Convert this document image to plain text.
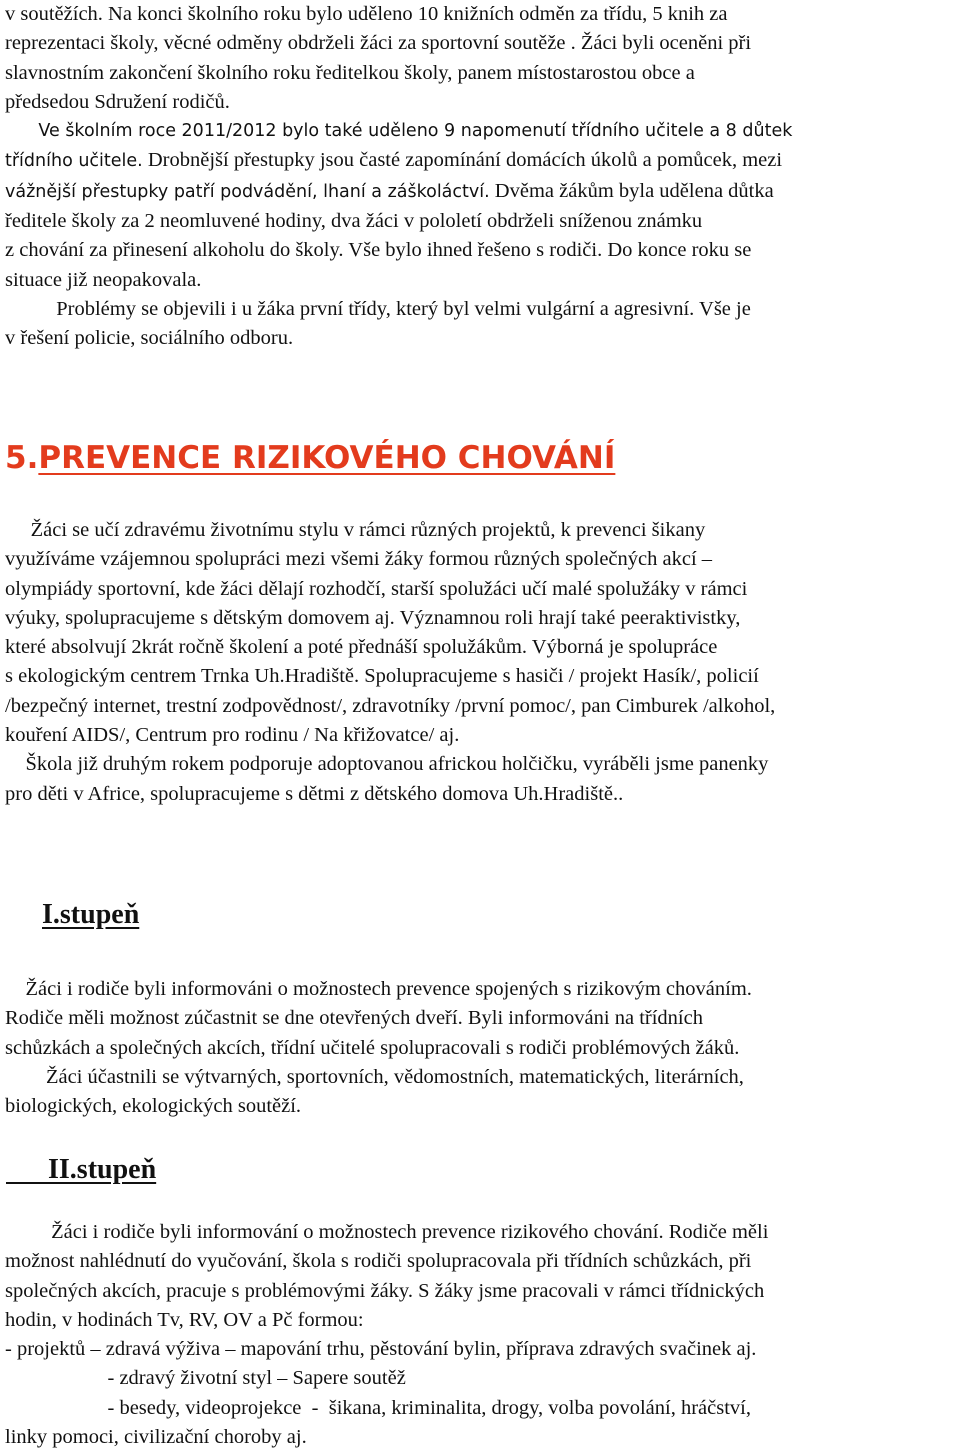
v soutěžích. Na konci školního roku bylo uděleno 10 knižních odměn za třídu, 5 knih za
reprezentaci školy, věcné odměny obdrželi žáci za sportovní soutěže . Žáci byli oceněni při
slavnostním zakončení školního roku ředitelkou školy, panem místostarostou obce a
předsedou Sdružení rodičů.
Ve školním roce 2011/2012 bylo také uděleno 9 napomenutí třídního učitele a 8 důtek
třídního učitele. Drobnější přestupky jsou časté zapomínání domácích úkolů a pomůcek, mezi
vážnější přestupky patří podvádění, lhaní a záškoláctví. Dvěma žákům byla udělena důtka
ředitele školy za 2 neomluvené hodiny, dva žáci v pololetí obdrželi sníženou známku
z chování za přinesení alkoholu do školy. Vše bylo ihned řešeno s rodiči. Do konce roku se
situace již neopakovala.
Problémy se objevili i u žáka první třídy, který byl velmi vulgární a agresivní. Vše je
v řešení policie, sociálního odboru.
5.PREVENCE RIZIKOVÉHO CHOVÁNÍ
Žáci se učí zdravému životnímu stylu v rámci různých projektů, k prevenci šikany
využíváme vzájemnou spolupráci mezi všemi žáky formou různých společných akcí –
olympiády sportovní, kde žáci dělají rozhodčí, starší spolužáci učí malé spolužáky v rámci
výuky, spolupracujeme s dětským domovem aj. Významnou roli hrají také peeraktivistky,
které absolvují 2krát ročně školení a poté přednáší spolužákům. Výborná je spolupráce
s ekologickým centrem Trnka Uh.Hradiště. Spolupracujeme s hasiči / projekt Hasík/, policií
/bezpečný internet, trestní zodpovědnost/, zdravotníky /první pomoc/, pan Cimburek /alkohol,
kouření AIDS/, Centrum pro rodinu / Na křižovatce/ aj.
Škola již druhým rokem podporuje adoptovanou africkou holčičku, vyráběli jsme panenky
pro děti v Africe, spolupracujeme s dětmi z dětského domova Uh.Hradiště..
I.stupeň
Žáci i rodiče byli informováni o možnostech prevence spojených s rizikovým chováním.
Rodiče měli možnost zúčastnit se dne otevřených dveří. Byli informováni na třídních
schůzkách a společných akcích, třídní učitelé spolupracovali s rodiči problémových žáků.
Žáci účastnili se výtvarných, sportovních, vědomostních, matematických, literárních,
biologických, ekologických soutěží.
II.stupeň
Žáci i rodiče byli informování o možnostech prevence rizikového chování. Rodiče měli
možnost nahlédnutí do vyučování, škola s rodiči spolupracovala při třídních schůzkách, při
společných akcích, pracuje s problémovými žáky. S žáky jsme pracovali v rámci třídnických
hodin, v hodinách Tv, RV, OV a Pč formou:
- projektů – zdravá výživa – mapování trhu, pěstování bylin, příprava zdravých svačinek aj.
- zdravý životní styl – Sapere soutěž
- besedy, videoprojekce  -  šikana, kriminalita, drogy, volba povolání, hráčství,
linky pomoci, civilizační choroby aj.
